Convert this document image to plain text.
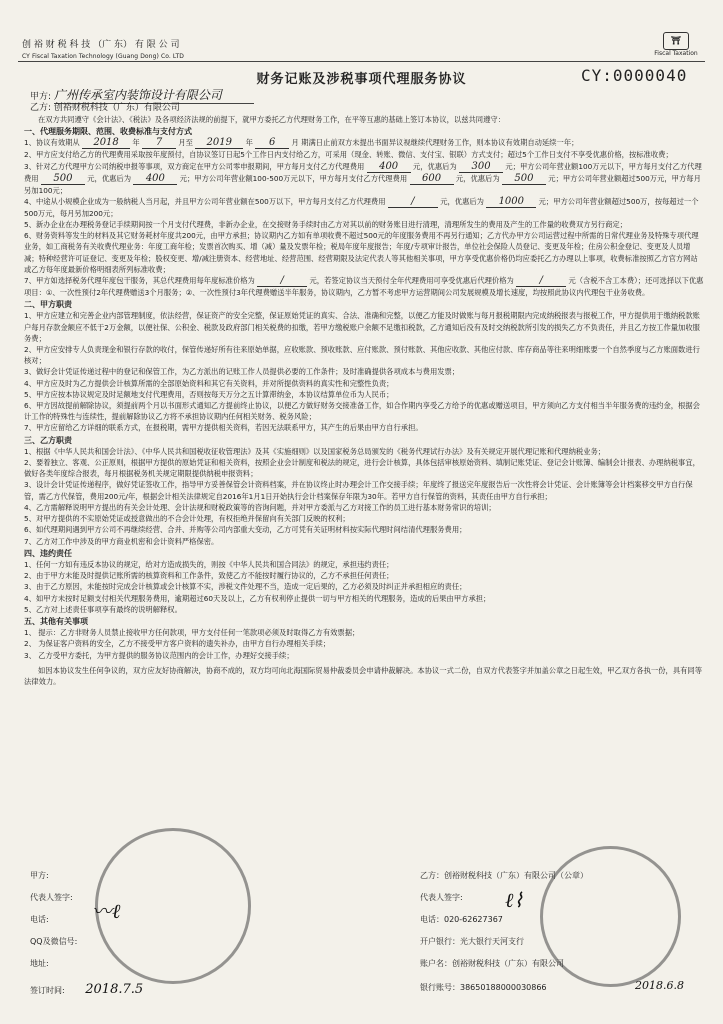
创 裕 财 税 科 技 （广 东） 有 限 公 司
CY Fiscal Taxation Technology (Guang Dong) Co. LTD
⛩
Fiscal Taxation
财务记账及涉税事项代理服务协议	CY:0000040
甲方: 广州传承室内装饰设计有限公司
乙方: 创裕财税科技（广东）有限公司

在双方共同遵守《会计法》、《税法》及各项经济法规的前提下，就甲方委托乙方代理财务工作，在平等互惠的基础上签订本协议，以兹共同遵守：

一、代理服务期限、范围、收费标准与支付方式

1、协议有效期从 2018 年 7 月至 2019 年 6 月 期满日止前双方未提出书面异议视继续代理财务工作，则本协议有效期自动延续一年；

2、甲方应支付给乙方的代理费用采取按年度预付，自协议签订日起5个工作日内支付给乙方，可采用（现金、转账、微信、支付宝、银联）方式支付；超过5个工作日支付不享受优惠价格，按标准收费；

3、针对乙方代理甲方公司纳税申报等事项，双方商定在甲方公司零申报期间，甲方每月支付乙方代理费用 400 元，优惠后为 300 元；甲方公司年营业额100万元以下，甲方每月支付乙方代理费用 500 元，优惠后为 400 元；甲方公司年营业额100-500万元以下，甲方每月支付乙方代理费用 600 元，优惠后为 500 元；甲方公司年营业额超过500万元，甲方每月另加100元；

4、中途从小规模企业成为一般纳税人当月起，并且甲方公司年营业额在500万以下，甲方每月支付乙方代理费用	/	元，优惠后为 1000 元；甲方公司年营业额超过500万，按每超过一个500万元，每月另加200元；

5、新办企业在办理税务登记手续期间按一个月支付代理费，非新办企业，在交接财务手续时由乙方对其以前的财务账目进行清理，清理所发生的费用及产生的工作量的收费双方另行商定；

6、财务资料等发生的材料及其它财务耗材年度共200元，由甲方承担；协议期内乙方如有单项收费不超过500元的年度服务费用不再另行通知；乙方代办甲方公司运营过程中所需的日常代理业务及特殊专项代理业务，如工商税务有关收费代理业务：年度工商年检；发票首次购买、增（减）量及发票年检；税局年度年度报告；年度/专项审计报告，单位社会保险人员登记、变更及年检；住房公积金登记、变更及人员增减；特种经营许可证登记、变更及年检；股权变更、增/减注册资本、经营地址、经营范围、经营期限及法定代表人等其他相关事项，甲方享受优惠价格仍均应委托乙方办理以上事项，收费标准按照乙方官方网站或乙方每年度最新价格明细表所列标准收费；

7、甲方如选择税务代理年度包干服务，其总代理费用每年度标准价格为	/	元，若签定协议当天预付全年代理费用可享受优惠后代理价格为	/	元（含税不含工本费）；还可选择以下优惠项目：①、一次性预付2年代理费赠送3个月服务；②、一次性预付3年代理费赠送半年服务，协议期内，乙方暂不考虑甲方运营期间公司发展规模及增长速度，均按照此协议内代理包干业务收费。

二、甲方职责

1、甲方应建立和完善企业内部管理制度，依法经营，保证资产的安全完整，保证原始凭证的真实、合法、准确和完整，以便乙方能及时做账与每月报税期限内完成纳税报表与报税工作，甲方提供用于缴纳税款账户每月存款金额应不低于2万金额，以便社保、公积金、税款及政府部门相关税费的扣缴，若甲方缴税账户余额不足缴扣税款，乙方通知后没有及时交纳税款所引发的损失乙方不负责任，并且乙方按工作量加收服务费；

2、甲方应安排专人负责现金和银行存款的收付，保管传递好所有往来原始单据，应收账款、预收账款、应付账款、预付账款、其他应收款、其他应付款、库存商品等往来明细账要一个自然季度与乙方账面数进行核对；

3、做好会计凭证传递过程中的登记和保管工作，为乙方派出的记账工作人员提供必要的工作条件；及时准确提供各项成本与费用发票；

4、甲方应及时为乙方提供会计核算所需的全部原始资料和其它有关资料，并对所提供资料的真实性和完整性负责；

5、甲方应按本协议规定及时足额地支付代理费用，否则按每天万分之五计算滞纳金，本协议结算单位币为人民币；

6、甲方因故提前解除协议，须提前两个月以书面形式通知乙方提前终止协议，以便乙方做好财务交接准备工作，如合作期内享受乙方给予的优惠或赠送项目，甲方须向乙方支付相当半年服务费的违约金，根据会计工作的特殊性与连续性，提前解除协议乙方将不承担协议期内任何相关财务、税务风险；

7、甲方应留给乙方详细的联系方式，在报税期，需甲方提供相关资料，若因无法联系甲方，其产生的后果由甲方自行承担。

三、乙方职责

1、根据《中华人民共和国会计法》、《中华人民共和国税收征收管理法》及其《实施细则》以及国家税务总局颁发的《税务代理试行办法》及有关规定开展代理记账和代理纳税业务；

2、要着独立、客观、公正原则，根据甲方提供的原始凭证和相关资料，按照企业会计制度和税法的规定，进行会计核算，具体包括审核原始资料、填制记账凭证、登记会计账簿、编制会计报表、办理纳税事宜，做好各类年度综合报表，每月根据税务机关规定期限提供纳税申报资料；

3、设计会计凭证传递程序，做好凭证签收工作，指导甲方妥善保管会计资料档案，并在协议终止时办理会计工作交接手续；年度终了报送完年度报告后一次性将会计凭证、会计账簿等会计档案移交甲方自行保管，需乙方代保管，费用200元/年，根据会计相关法律规定自2016年1月1日开始执行会计档案保存年限为30年。若甲方自行保管的资料，其责任由甲方自行承担；

4、乙方需解释说明甲方提出的有关会计处理、会计法规和财税政策等的咨询问题，并对甲方委派与乙方对接工作的员工进行基本财务常识的培训；

5、对甲方提供的不实原始凭证或授意做出的不合会计处理，有权拒绝并保留向有关部门反映的权利；

6、如代理期间遇到甲方公司不再继续经营、合并、并购等公司内部重大变动，乙方可凭有关证明材料按实际代理时间结清代理服务费用；

7、乙方对工作中涉及的甲方商业机密和会计资料严格保密。

四、违约责任

1、任何一方如有违反本协议的规定，给对方造成损失的，则按《中华人民共和国合同法》的规定，承担违约责任；

2、由于甲方未能及时提供记账所需的核算资料和工作条件，致使乙方不能按时履行协议的，乙方不承担任何责任；

3、由于乙方原因，未能按时完成会计核算或会计核算不实，涉税文件处理不当，造成一定后果的，乙方必须及时纠正并承担相应的责任；

4、如甲方未按时足额支付相关代理服务费用，逾期超过60天及以上，乙方有权利停止提供一切与甲方相关的代理服务，造成的后果由甲方承担；

5、乙方对上述责任事项享有最终的说明解释权。

五、其他有关事项

1、 提示：乙方非财务人员禁止接收甲方任何款项，甲方支付任何一笔款项必须及时取得乙方有效票据；

2、 为保证客户资料的安全，乙方不接受甲方客户资料的遗失补办，由甲方自行办理相关手续；

3、 乙方受甲方委托，为甲方提供的服务协议范围内的会计工作，办理好交接手续；

如因本协议发生任何争议的，双方应友好协商解决，协商不成的，双方均可向北海国际贸易仲裁委员会申请仲裁解决。本协议一式二份，自双方代表签字并加盖公章之日起生效，甲乙双方各执一份，具有同等法律效力。

甲方:
代表人签字:
电话:
QQ及微信号:
地址:
签订时间: 2018.7.5
〰ℓ
乙方：创裕财税科技（广东）有限公司（公章）
代表人签字:
电话：020-62627367
开户银行：光大银行天河支行
账户名：创裕财税科技（广东）有限公司
银行账号：38650188000030866	2018.6.8
ℓ⌇
